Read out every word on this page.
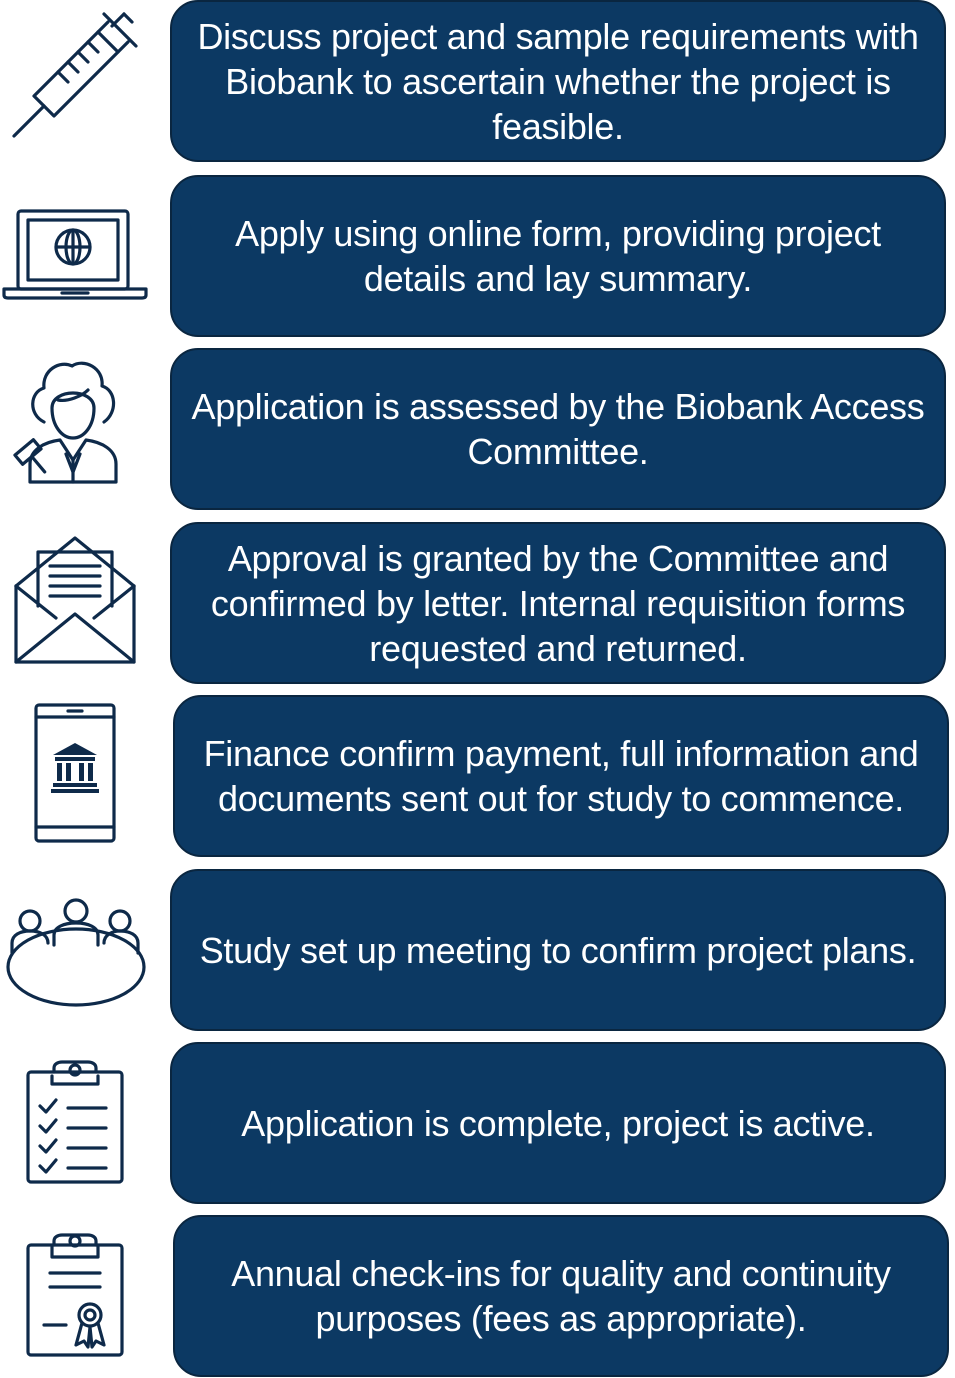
Discuss project and sample requirements with Biobank to ascertain whether the project is feasible.
Apply using online form, providing project details and lay summary.
Application is assessed by the Biobank Access Committee.
Approval is granted by the Committee and confirmed by letter. Internal requisition forms requested and returned.
Finance confirm payment, full information and documents sent out for study to commence.
Study set up meeting to confirm project plans.
Application is complete, project is active.
Annual check-ins for quality and continuity purposes (fees as appropriate).
